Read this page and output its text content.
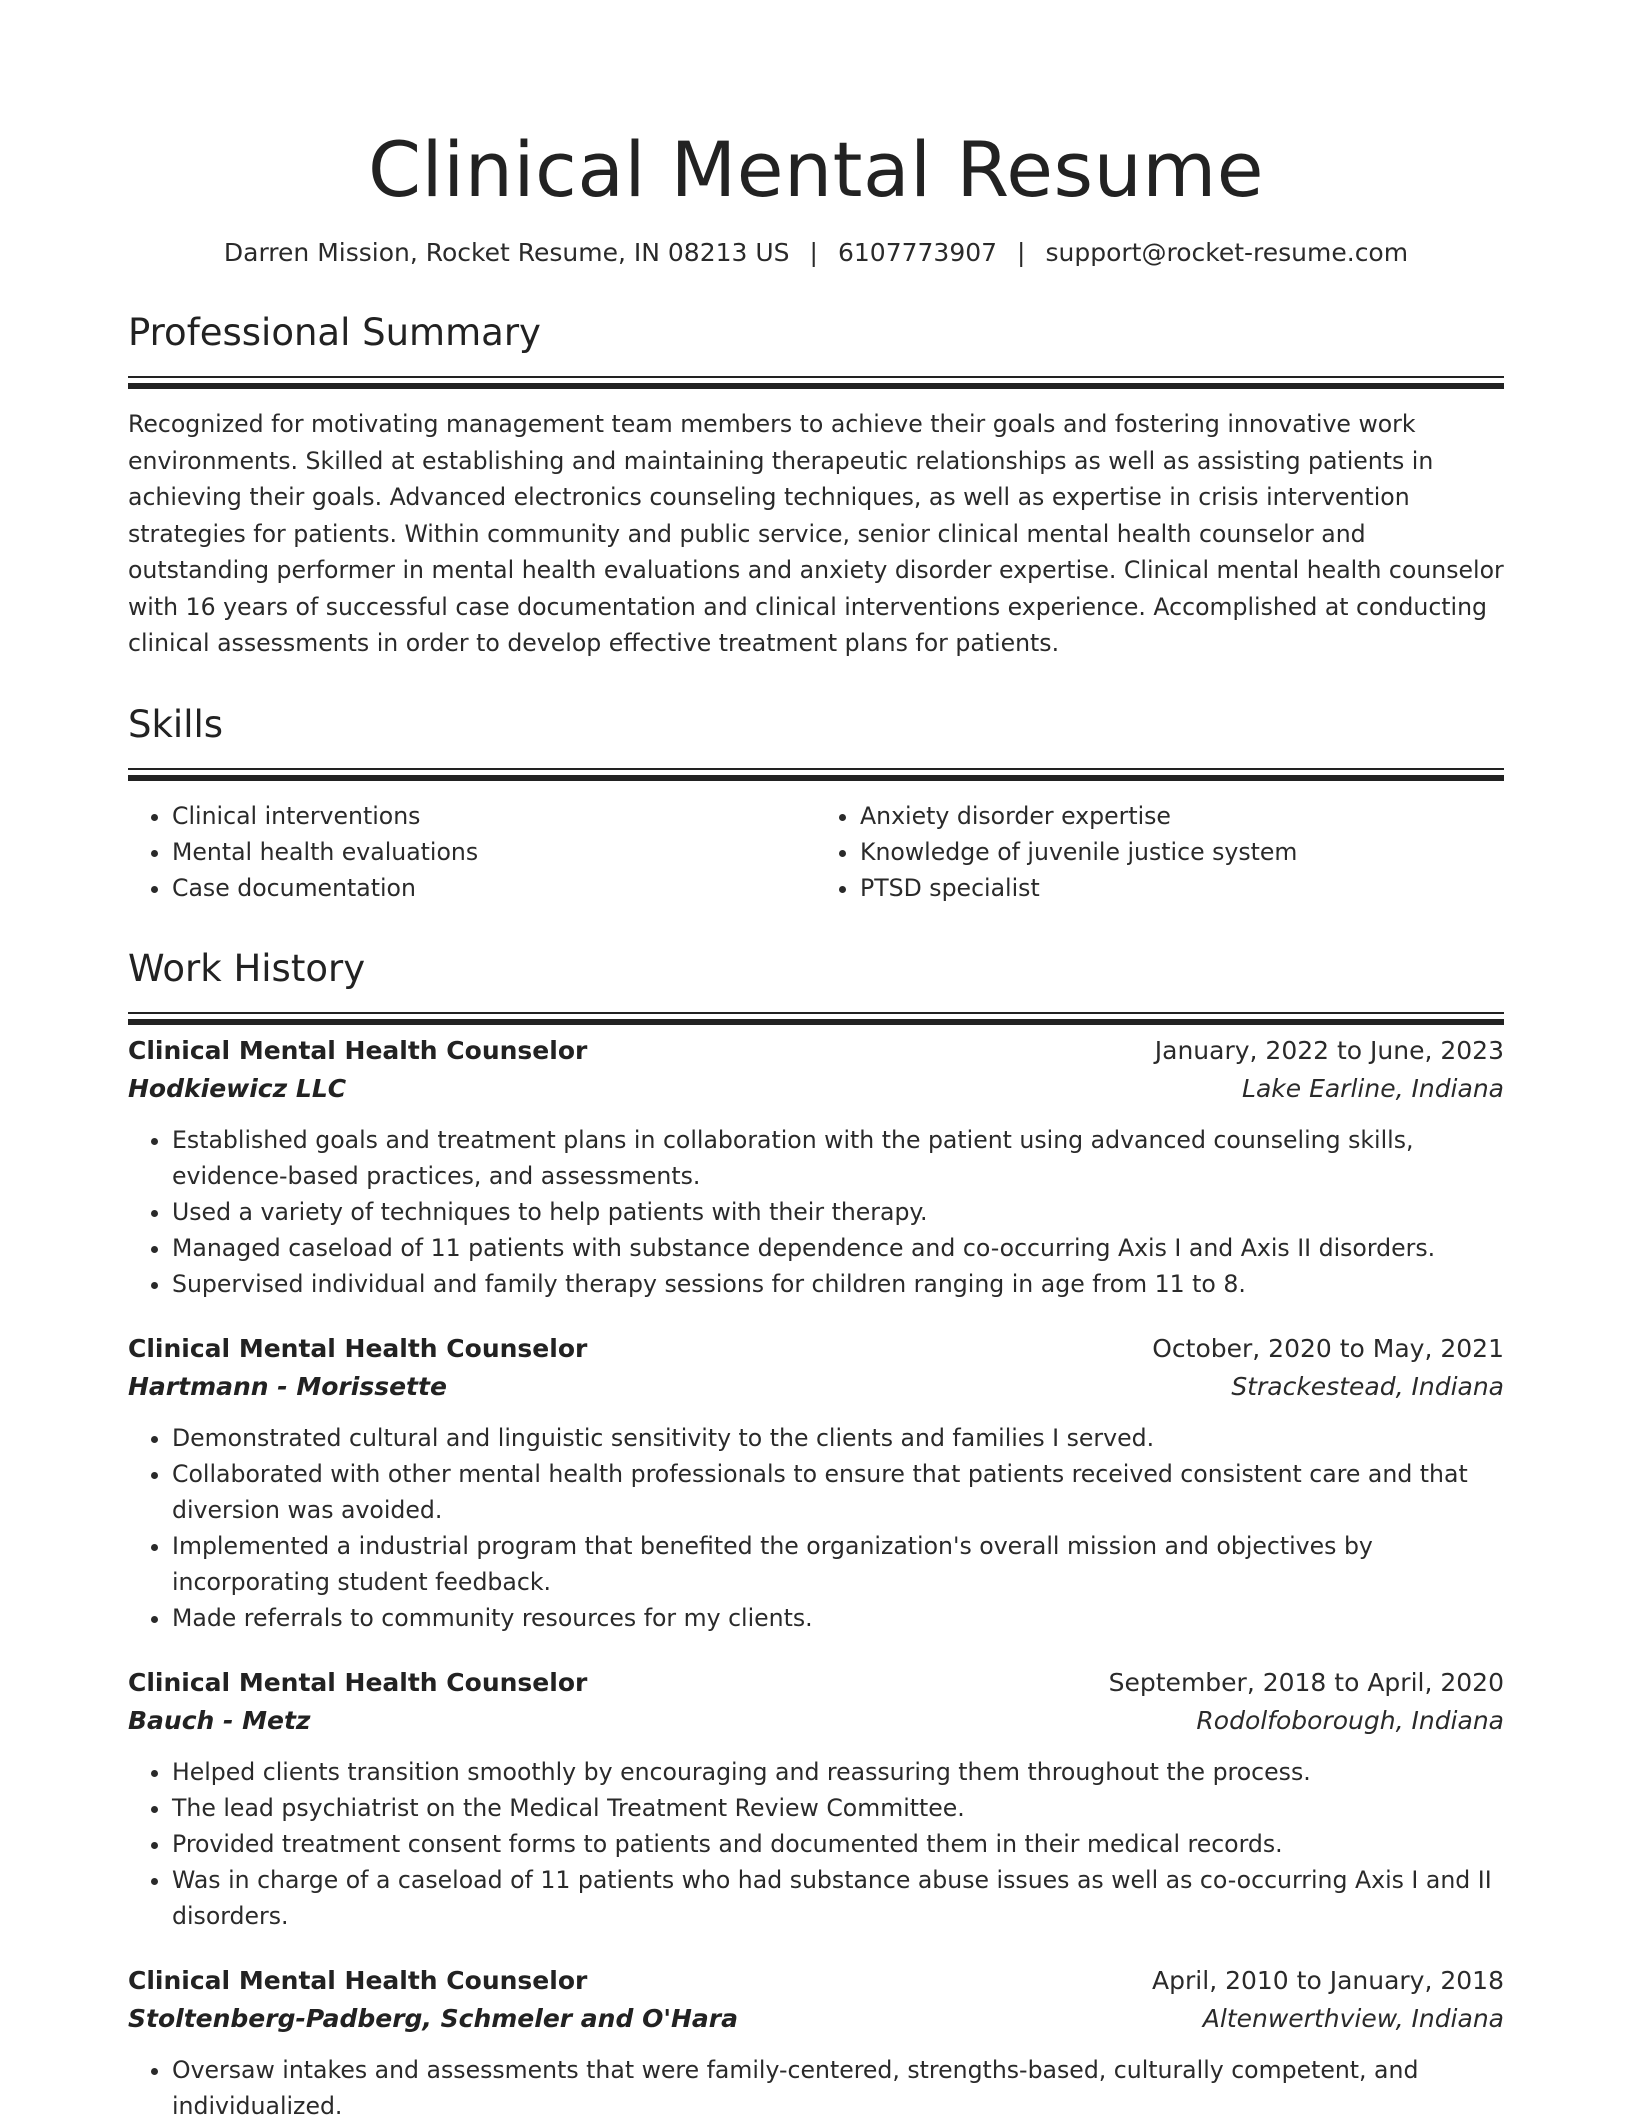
Clinical Mental Resume
Darren Mission, Rocket Resume, IN 08213 US | 6107773907 | support@rocket-resume.com
Professional Summary

Recognized for motivating management team members to achieve their goals and fostering innovative work environments. Skilled at establishing and maintaining therapeutic relationships as well as assisting patients in achieving their goals. Advanced electronics counseling techniques, as well as expertise in crisis intervention strategies for patients. Within community and public service, senior clinical mental health counselor and outstanding performer in mental health evaluations and anxiety disorder expertise. Clinical mental health counselor with 16 years of successful case documentation and clinical interventions experience. Accomplished at conducting clinical assessments in order to develop effective treatment plans for patients.

Skills
• Clinical interventions
• Mental health evaluations
• Case documentation
• Anxiety disorder expertise
• Knowledge of juvenile justice system
• PTSD specialist
Work History
Clinical Mental Health Counselor	January, 2022 to June, 2023
Hodkiewicz LLC	Lake Earline, Indiana
• Established goals and treatment plans in collaboration with the patient using advanced counseling skills, evidence-based practices, and assessments.
• Used a variety of techniques to help patients with their therapy.
• Managed caseload of 11 patients with substance dependence and co-occurring Axis I and Axis II disorders.
• Supervised individual and family therapy sessions for children ranging in age from 11 to 8.
Clinical Mental Health Counselor	October, 2020 to May, 2021
Hartmann - Morissette	Strackestead, Indiana
• Demonstrated cultural and linguistic sensitivity to the clients and families I served.
• Collaborated with other mental health professionals to ensure that patients received consistent care and that diversion was avoided.
• Implemented a industrial program that benefited the organization's overall mission and objectives by incorporating student feedback.
• Made referrals to community resources for my clients.
Clinical Mental Health Counselor	September, 2018 to April, 2020
Bauch - Metz	Rodolfoborough, Indiana
• Helped clients transition smoothly by encouraging and reassuring them throughout the process.
• The lead psychiatrist on the Medical Treatment Review Committee.
• Provided treatment consent forms to patients and documented them in their medical records.
• Was in charge of a caseload of 11 patients who had substance abuse issues as well as co-occurring Axis I and II disorders.
Clinical Mental Health Counselor	April, 2010 to January, 2018
Stoltenberg-Padberg, Schmeler and O'Hara	Altenwerthview, Indiana
• Oversaw intakes and assessments that were family-centered, strengths-based, culturally competent, and individualized.
